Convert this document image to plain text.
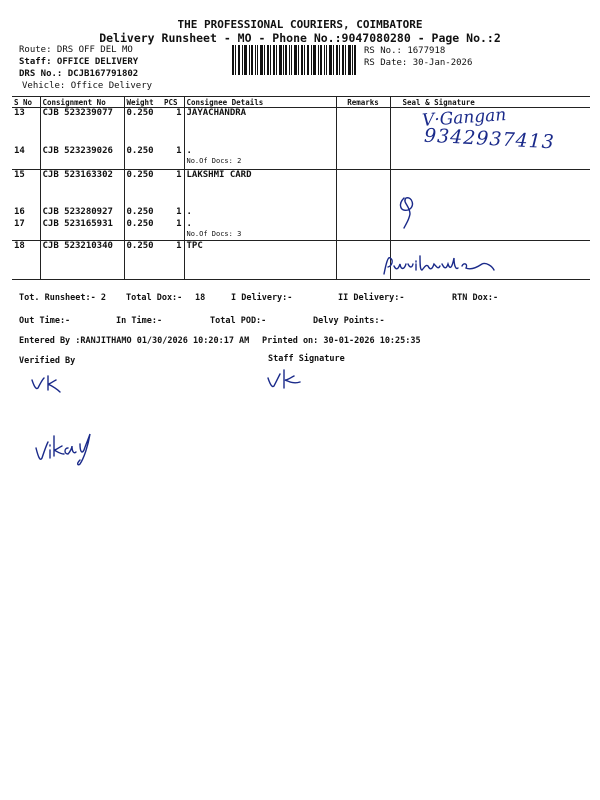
THE PROFESSIONAL COURIERS, COIMBATORE
Delivery Runsheet - MO - Phone No.:9047080280 - Page No.:2
Route: DRS OFF DEL MO
Staff: OFFICE DELIVERY
DRS No.: DCJB167791802
Vehicle: Office Delivery
RS No.: 1677918
RS Date: 30-Jan-2026
S No	Consignment No	Weight	PCS	Consignee Details	Remarks	Seal & Signature
13	CJB 523239077	0.250	1	JAYACHANDRA		
14	CJB 523239026	0.250	1	.
No.Of Docs: 2		
15	CJB 523163302	0.250	1	LAKSHMI CARD		
16	CJB 523280927	0.250	1	.		
17	CJB 523165931	0.250	1	.
No.Of Docs: 3		
18	CJB 523210340	0.250	1	TPC		
V·Gangan
9342937413
Tot. Runsheet:- 2 Total Dox:- 18	I Delivery:-	II Delivery:-	RTN Dox:-
Out Time:-	In Time:-	Total POD:-	Delvy Points:-
Entered By :RANJITHAMO 01/30/2026 10:20:17 AM Printed on: 30-01-2026 10:25:35
Verified By	Staff Signature
